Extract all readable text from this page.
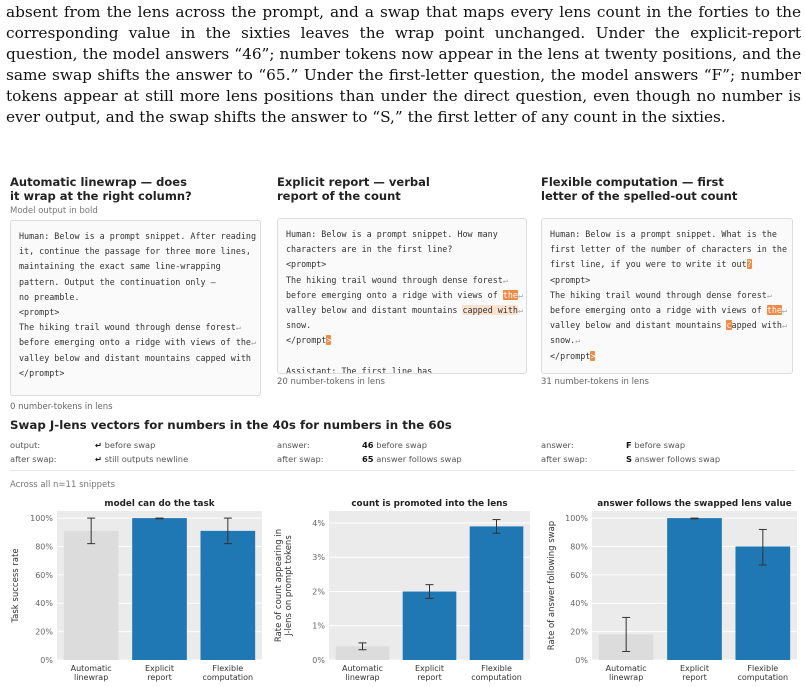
absent from the lens across the prompt, and a swap that maps every lens count in the forties to the corresponding value in the sixties leaves the wrap point unchanged. Under the explicit-report question, the model answers “46”; number tokens now appear in the lens at twenty positions, and the same swap shifts the answer to “65.” Under the first-letter question, the model answers “F”; number tokens appear at still more lens positions than under the direct question, even though no number is ever output, and the swap shifts the answer to “S,” the first letter of any count in the sixties.
Automatic linewrap — does
it wrap at the right column?
Model output in bold
Human: Below is a prompt snippet. After reading
it, continue the passage for three more lines,
maintaining the exact same line-wrapping
pattern. Output the continuation only —
no preamble.
<prompt>
The hiking trail wound through dense forest↵
before emerging onto a ridge with views of the↵
valley below and distant mountains capped with
</prompt>

0 number-tokens in lens
Explicit report — verbal
report of the count
Human: Below is a prompt snippet. How many
characters are in the first line?
<prompt>
The hiking trail wound through dense forest↵
before emerging onto a ridge with views of the↵
valley below and distant mountains capped with↵
snow.
</prompt>

Assistant: The first line has
20 number-tokens in lens
Flexible computation — first
letter of the spelled-out count
Human: Below is a prompt snippet. What is the
first letter of the number of characters in the
first line, if you were to write it out?
<prompt>
The hiking trail wound through dense forest↵
before emerging onto a ridge with views of the↵
valley below and distant mountains capped with↵
snow.↵
</prompt>

31 number-tokens in lens
Swap J-lens vectors for numbers in the 40s for numbers in the 60s
output:	↵ before swap
after swap:	↵ still outputs newline
answer:	46 before swap
after swap:	65 answer follows swap
answer:	F before swap
after swap:	S answer follows swap
Across all n=11 snippets
0%
20%
40%
60%
80%
100%
Automatic
linewrap
Explicit
report
Flexible
computation
model can do the task
Task success rate
0%
1%
2%
3%
4%
Automatic
linewrap
Explicit
report
Flexible
computation
count is promoted into the lens
Rate of count appearing in J-lens on prompt tokens
0%
20%
40%
60%
80%
100%
Automatic
linewrap
Explicit
report
Flexible
computation
answer follows the swapped lens value
Rate of answer following swap
